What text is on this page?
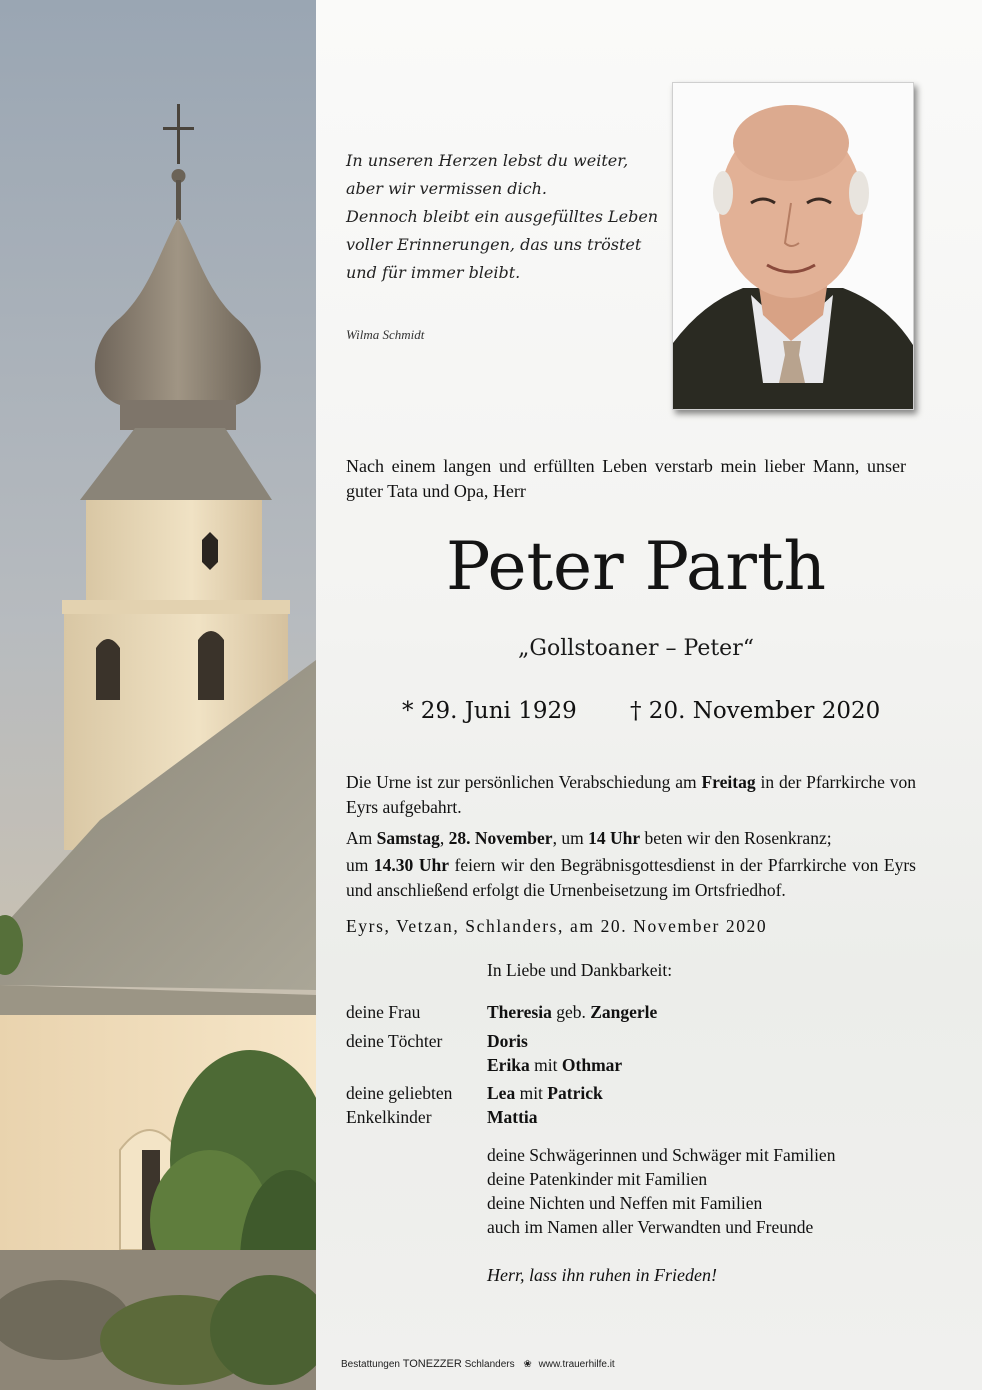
In unseren Herzen lebst du weiter,
aber wir vermissen dich.
Dennoch bleibt ein ausgefülltes Leben
voller Erinnerungen, das uns tröstet
und für immer bleibt.
Wilma Schmidt
Nach einem langen und erfüllten Leben verstarb mein lieber Mann, unser guter Tata und Opa, Herr
Peter Parth
„Gollstoaner – Peter“
* 29. Juni 1929 † 20. November 2020
Die Urne ist zur persönlichen Verabschiedung am Freitag in der Pfarrkirche von Eyrs aufgebahrt.
Am Samstag, 28. November, um 14 Uhr beten wir den Rosenkranz;
um 14.30 Uhr feiern wir den Begräbnisgottesdienst in der Pfarrkirche von Eyrs und anschließend erfolgt die Urnenbeisetzung im Ortsfriedhof.
Eyrs, Vetzan, Schlanders, am 20. November 2020
In Liebe und Dankbarkeit:
deine Frau	Theresia geb. Zangerle
deine Töchter	Doris
Erika mit Othmar
deine geliebten
Enkelkinder
Lea mit Patrick
Mattia
deine Schwägerinnen und Schwäger mit Familien
deine Patenkinder mit Familien
deine Nichten und Neffen mit Familien
auch im Namen aller Verwandten und Freunde
Herr, lass ihn ruhen in Frieden!
Bestattungen TONEZZER Schlanders ❀ www.trauerhilfe.it
